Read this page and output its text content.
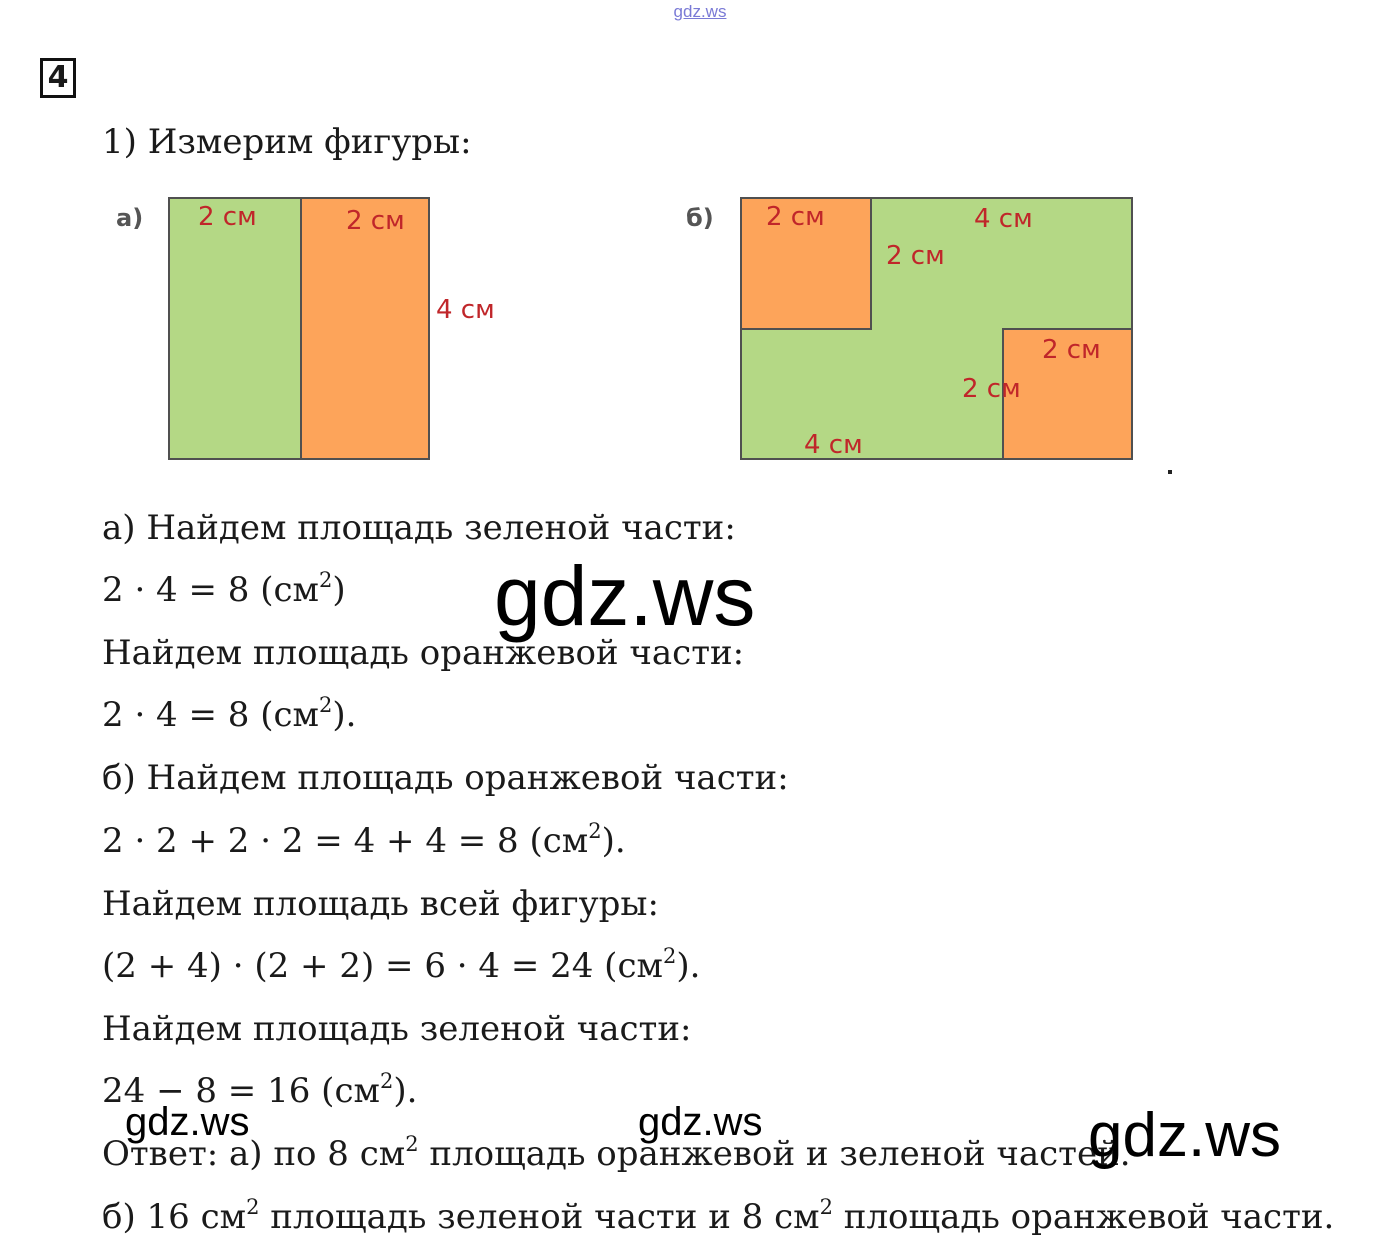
gdz.ws
4
1) Измерим фигуры:
а) 2 см	2 см
4 см
б) 2 см	4 см
2 см
2 см
2 см
4 см
а) Найдем площадь зеленой части:
2 · 4 = 8 $(см^2)$
Найдем площадь оранжевой части:
2 · 4 = 8 $(см^2)$.
б) Найдем площадь оранжевой части:
2 · 2 + 2 · 2 = 4 + 4 = 8 $(см^2)$.
Найдем площадь всей фигуры:
(2 + 4) · (2 + 2) = 6 · 4 = 24 $(см^2)$.
Найдем площадь зеленой части:
24 − 8 = 16 $(см^2)$.
Ответ: а) по 8 $см^2$ площадь оранжевой и зеленой частей.
б) 16 $см^2$ площадь зеленой части и 8 $см^2$ площадь оранжевой части.
gdz.ws
gdz.ws	gdz.ws	gdz.ws
